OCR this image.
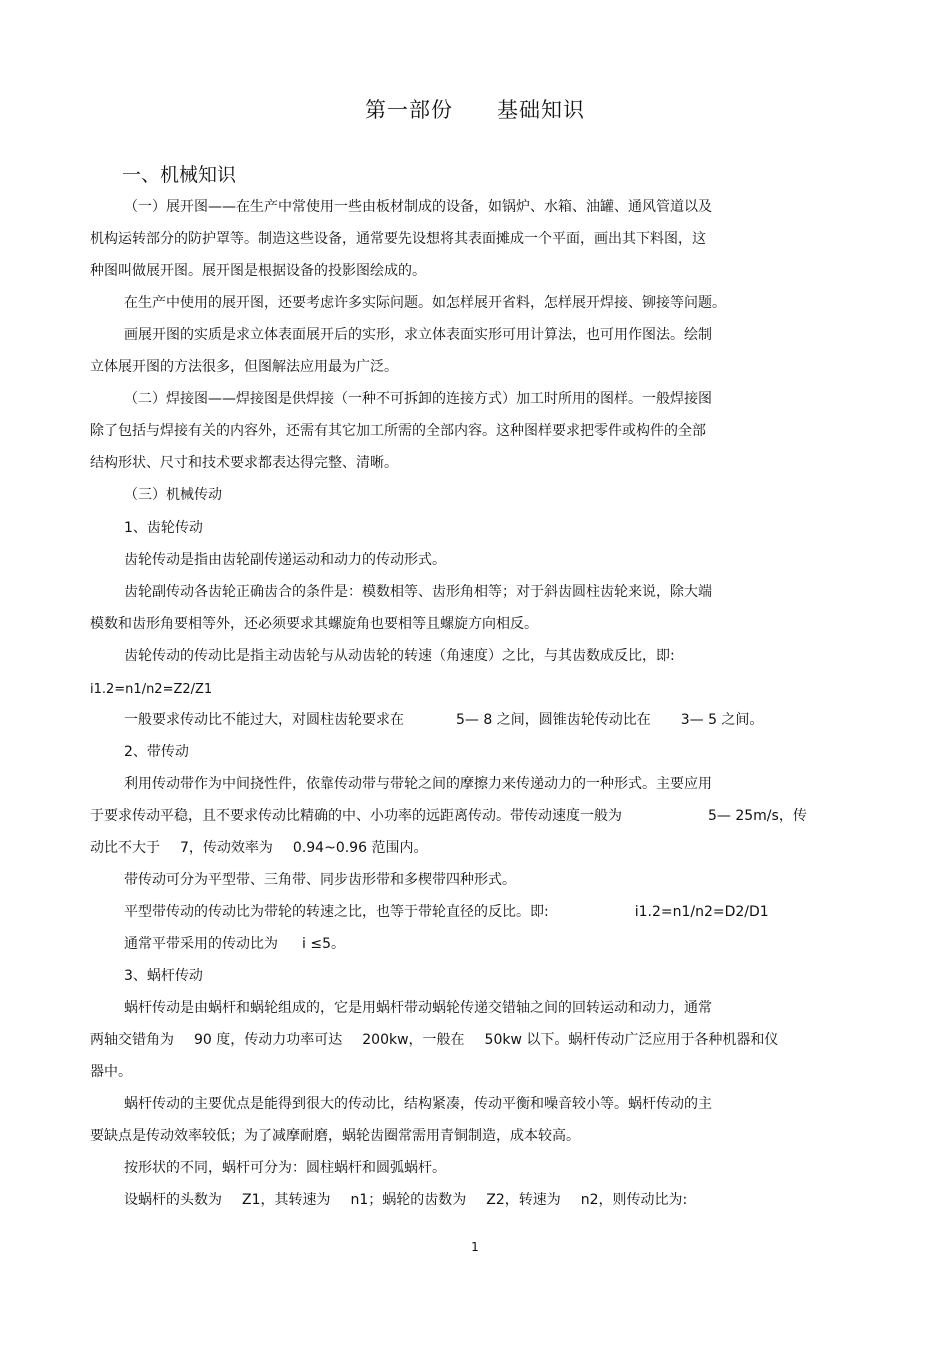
第一部份　　基础知识
一、机械知识
（一）展开图——在生产中常使用一些由板材制成的设备，如锅炉、水箱、油罐、通风管道以及
机构运转部分的防护罩等。制造这些设备，通常要先设想将其表面摊成一个平面，画出其下料图，这
种图叫做展开图。展开图是根据设备的投影图绘成的。
在生产中使用的展开图，还要考虑许多实际问题。如怎样展开省料，怎样展开焊接、铆接等问题。
画展开图的实质是求立体表面展开后的实形，求立体表面实形可用计算法，也可用作图法。绘制
立体展开图的方法很多，但图解法应用最为广泛。
（二）焊接图——焊接图是供焊接（一种不可拆卸的连接方式）加工时所用的图样。一般焊接图
除了包括与焊接有关的内容外，还需有其它加工所需的全部内容。这种图样要求把零件或构件的全部
结构形状、尺寸和技术要求都表达得完整、清晰。
（三）机械传动
1、齿轮传动
齿轮传动是指由齿轮副传递运动和动力的传动形式。
齿轮副传动各齿轮正确齿合的条件是：模数相等、齿形角相等；对于斜齿圆柱齿轮来说，除大端
模数和齿形角要相等外，还必须要求其螺旋角也要相等且螺旋方向相反。
齿轮传动的传动比是指主动齿轮与从动齿轮的转速（角速度）之比，与其齿数成反比，即:
i1.2=n1/n2=Z2/Z1
一般要求传动比不能过大，对圆柱齿轮要求在	5— 8 之间，圆锥齿轮传动比在 3— 5 之间。
2、带传动
利用传动带作为中间挠性件，依靠传动带与带轮之间的摩擦力来传递动力的一种形式。主要应用
于要求传动平稳，且不要求传动比精确的中、小功率的远距离传动。带传动速度一般为	5— 25m/s，传
动比不大于 7，传动效率为 0.94~0.96 范围内。
带传动可分为平型带、三角带、同步齿形带和多楔带四种形式。
平型带传动的传动比为带轮的转速之比，也等于带轮直径的反比。即:	i1.2=n1/n2=D2/D1
通常平带采用的传动比为 i ≤5。
3、蜗杆传动
蜗杆传动是由蜗杆和蜗轮组成的，它是用蜗杆带动蜗轮传递交错轴之间的回转运动和动力，通常
两轴交错角为 90 度，传动力功率可达 200kw，一般在 50kw 以下。蜗杆传动广泛应用于各种机器和仪
器中。
蜗杆传动的主要优点是能得到很大的传动比，结构紧凑，传动平衡和噪音较小等。蜗杆传动的主
要缺点是传动效率较低；为了减摩耐磨，蜗轮齿圈常需用青铜制造，成本较高。
按形状的不同，蜗杆可分为：圆柱蜗杆和圆弧蜗杆。
设蜗杆的头数为 Z1，其转速为 n1；蜗轮的齿数为 Z2，转速为 n2，则传动比为:
1
